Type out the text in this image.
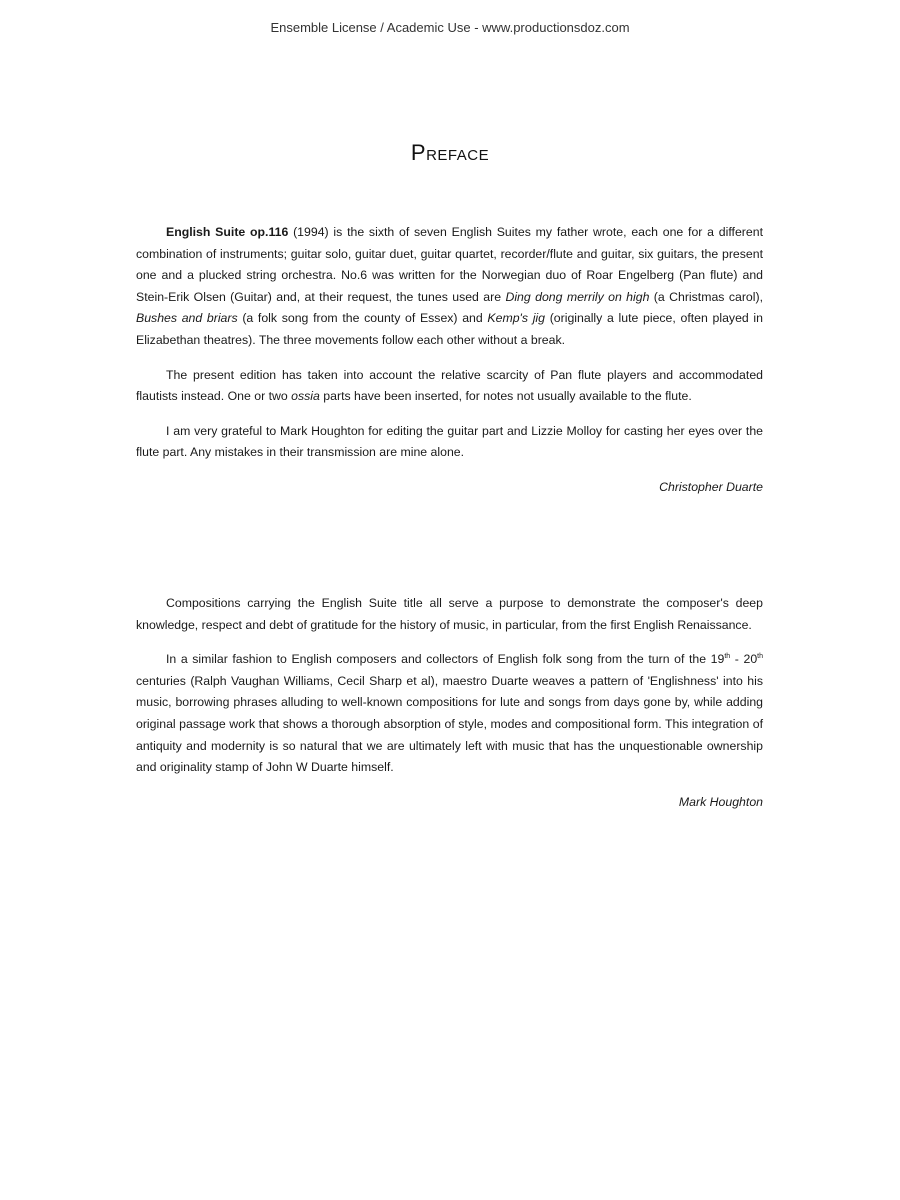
Ensemble License / Academic Use - www.productionsdoz.com
Preface

English Suite op.116 (1994) is the sixth of seven English Suites my father wrote, each one for a different combination of instruments; guitar solo, guitar duet, guitar quartet, recorder/flute and guitar, six guitars, the present one and a plucked string orchestra. No.6 was written for the Norwegian duo of Roar Engelberg (Pan flute) and Stein-Erik Olsen (Guitar) and, at their request, the tunes used are Ding dong merrily on high (a Christmas carol), Bushes and briars (a folk song from the county of Essex) and Kemp's jig (originally a lute piece, often played in Elizabethan theatres). The three movements follow each other without a break.

The present edition has taken into account the relative scarcity of Pan flute players and accommodated flautists instead. One or two ossia parts have been inserted, for notes not usually available to the flute.

I am very grateful to Mark Houghton for editing the guitar part and Lizzie Molloy for casting her eyes over the flute part. Any mistakes in their transmission are mine alone.

Christopher Duarte

Compositions carrying the English Suite title all serve a purpose to demonstrate the composer's deep knowledge, respect and debt of gratitude for the history of music, in particular, from the first English Renaissance.

In a similar fashion to English composers and collectors of English folk song from the turn of the 19th - 20th centuries (Ralph Vaughan Williams, Cecil Sharp et al), maestro Duarte weaves a pattern of 'Englishness' into his music, borrowing phrases alluding to well-known compositions for lute and songs from days gone by, while adding original passage work that shows a thorough absorption of style, modes and compositional form. This integration of antiquity and modernity is so natural that we are ultimately left with music that has the unquestionable ownership and originality stamp of John W Duarte himself.

Mark Houghton
